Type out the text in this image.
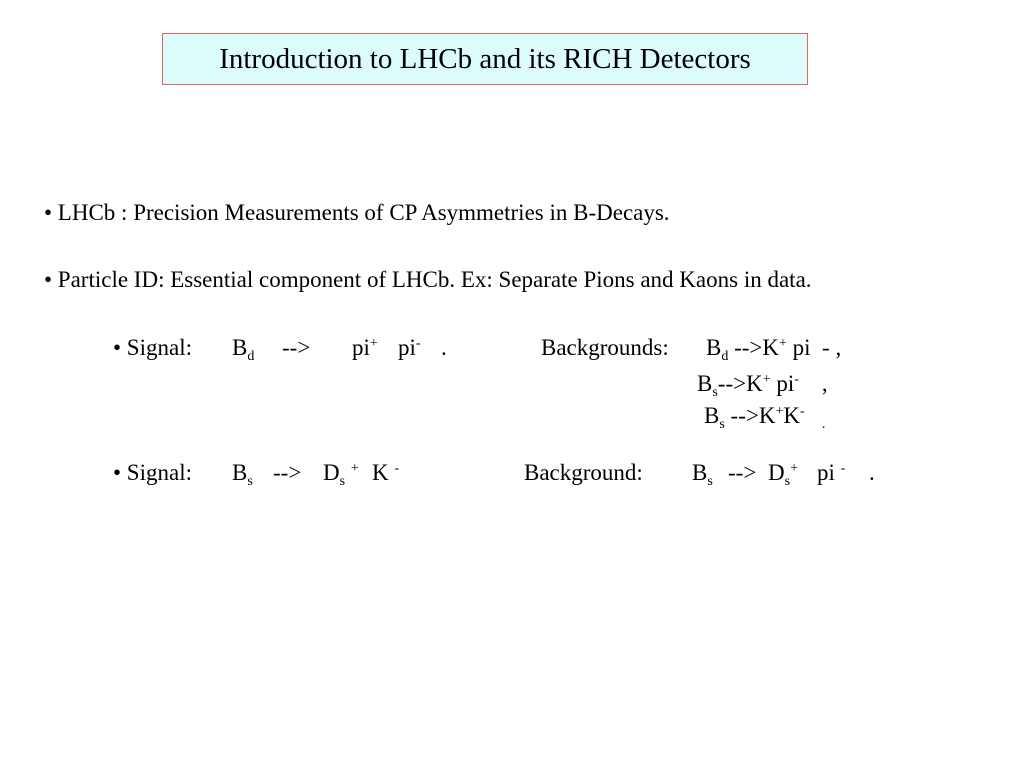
Introduction to LHCb and its RICH Detectors
• LHCb : Precision Measurements of CP Asymmetries in B-Decays.
• Particle ID: Essential component of LHCb. Ex: Separate Pions and Kaons in data.
• Signal: $B_d$ --> pi+ pi- .	Backgrounds: $B_d$ -->K+ pi - ,
$B_s-->K^+$ pi- ,
$B_s$ -->K+K-   $_.$
• Signal: $B_s$ --> $D_s$ + K -	Background: $B_s$ --> $D_s^+$ pi - .
